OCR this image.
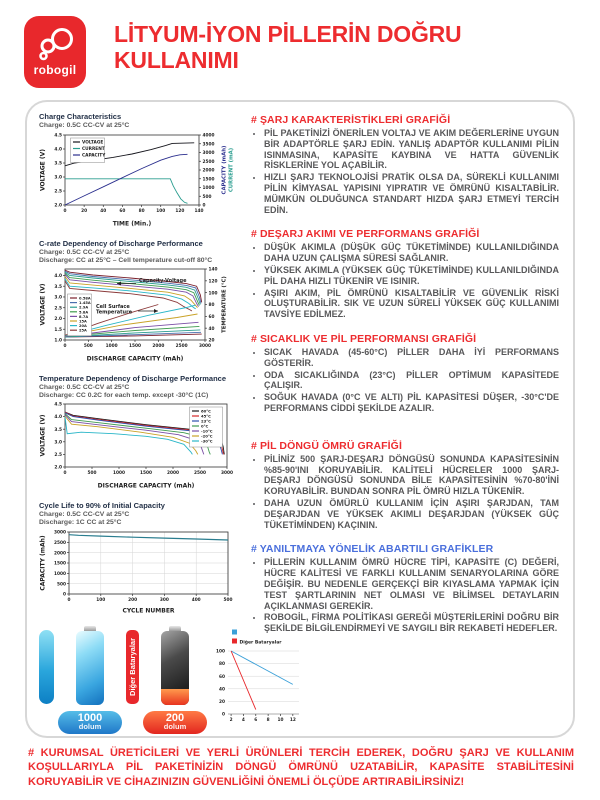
robogil
LİTYUM-İYON PİLLERİN DOĞRU KULLANIMI
Charge Characteristics

Charge: 0.5C CC-CV at 25°C

0	20	40	60	80	100 120 140
2.0
2.5
3.0
3.5
4.0
4.5
0
500
1000
1500
2000
2500
3000
3500
4000
TIME (Min.)
VOLTAGE (V)	CAPACITY (mAh) CURRENT (mA)
VOLTAGE
CURRENT
CAPACITY
C-rate Dependency of Discharge Performance

Charge: 0.5C CC-CV at 25°C

Discharge: CC at 25°C – Cell temperature cut-off 80°C

0	500	1000	1500	2000	2500	3000
1.0
1.5
2.0
2.5
3.0
3.5
4.0
20
40
60
80
100
120
140
DISCHARGE CAPACITY (mAh)
VOLTAGE (V)	TEMPERATURE (°C)
0.58A
1.45A
2.9A
5.8A
8.7A
15A
20A
25A
Capacity-Voltage
Cell Surface
Temperature
Temperature Dependency of Discharge Performance

Charge: 0.5C CC-CV at 25°C

Discharge: CC 0.2C for each temp. except -30°C (1C)

0	500	1000	1500	2000	2500	3000
2.0
2.5
3.0
3.5
4.0
4.5
DISCHARGE CAPACITY (mAh)
VOLTAGE (V)
60°C
45°C
23°C
0°C
-10°C
-20°C
-30°C
Cycle Life to 90% of Initial Capacity

Charge: 0.5C CC-CV at 25°C

Discharge: 1C CC at 25°C

0	100	200	300	400	500
0
500
1000
1500
2000
2500
3000
CYCLE NUMBER
CAPACITY (mAh)
1000
dolum
Diğer Bataryalar
200
dolum
2 4 6 8 10 12
0
20
40
60
80
100
Diğer Bataryalar
# ŞARJ KARAKTERİSTİKLERİ GRAFİĞİ
• PİL PAKETİNİZİ ÖNERİLEN VOLTAJ VE AKIM DEĞERLERİNE UYGUN BİR ADAPTÖRLE ŞARJ EDİN. YANLIŞ ADAPTÖR KULLANIMI PİLİN ISINMASINA, KAPASİTE KAYBINA VE HATTA GÜVENLİK RİSKLERİNE YOL AÇABİLİR.
• HIZLI ŞARJ TEKNOLOJİSİ PRATİK OLSA DA, SÜREKLİ KULLANIMI PİLİN KİMYASAL YAPISINI YIPRATIR VE ÖMRÜNÜ KISALTABİLİR. MÜMKÜN OLDUĞUNCA STANDART HIZDA ŞARJ ETMEYİ TERCİH EDİN.
# DEŞARJ AKIMI VE PERFORMANS GRAFİĞİ
• DÜŞÜK AKIMLA (DÜŞÜK GÜÇ TÜKETİMİNDE) KULLANILDIĞINDA DAHA UZUN ÇALIŞMA SÜRESİ SAĞLANIR.
• YÜKSEK AKIMLA (YÜKSEK GÜÇ TÜKETİMİNDE) KULLANILDIĞINDA PİL DAHA HIZLI TÜKENİR VE ISINIR.
• AŞIRI AKIM, PİL ÖMRÜNÜ KISALTABİLİR VE GÜVENLİK RİSKİ OLUŞTURABİLİR. SIK VE UZUN SÜRELİ YÜKSEK GÜÇ KULLANIMI TAVSİYE EDİLMEZ.
# SICAKLIK VE PİL PERFORMANSI GRAFİĞİ
• SICAK HAVADA (45-60°C) PİLLER DAHA İYİ PERFORMANS GÖSTERİR.
• ODA SICAKLIĞINDA (23°C) PİLLER OPTİMUM KAPASİTEDE ÇALIŞIR.
• SOĞUK HAVADA (0°C VE ALTI) PİL KAPASİTESİ DÜŞER, -30°C'DE PERFORMANS CİDDİ ŞEKİLDE AZALIR.
# PİL DÖNGÜ ÖMRÜ GRAFİĞİ
• PİLİNİZ 500 ŞARJ-DEŞARJ DÖNGÜSÜ SONUNDA KAPASİTESİNİN %85-90'INI KORUYABİLİR. KALİTELİ HÜCRELER 1000 ŞARJ-DEŞARJ DÖNGÜSÜ SONUNDA BİLE KAPASİTESİNİN %70-80'İNİ KORUYABİLİR. BUNDAN SONRA PİL ÖMRÜ HIZLA TÜKENİR.
• DAHA UZUN ÖMÜRLÜ KULLANIM İÇİN AŞIRI ŞARJDAN, TAM DEŞARJDAN VE YÜKSEK AKIMLI DEŞARJDAN (YÜKSEK GÜÇ TÜKETİMİNDEN) KAÇININ.
# YANILTMAYA YÖNELİK ABARTILI GRAFİKLER
• PİLLERİN KULLANIM ÖMRÜ HÜCRE TİPİ, KAPASİTE (C) DEĞERİ, HÜCRE KALİTESİ VE FARKLI KULLANIM SENARYOLARINA GÖRE DEĞİŞİR. BU NEDENLE GERÇEKÇİ BİR KIYASLAMA YAPMAK İÇİN TEST ŞARTLARININ NET OLMASI VE BİLİMSEL DETAYLARIN AÇIKLANMASI GEREKİR.
• ROBOGİL, FİRMA POLİTİKASI GEREĞİ MÜŞTERİLERİNİ DOĞRU BİR ŞEKİLDE BİLGİLENDİRMEYİ VE SAYGILI BİR REKABETİ HEDEFLER.

# KURUMSAL ÜRETİCİLERİ VE YERLİ ÜRÜNLERİ TERCİH EDEREK, DOĞRU ŞARJ VE KULLANIM KOŞULLARIYLA PİL PAKETİNİZİN DÖNGÜ ÖMRÜNÜ UZATABİLİR, KAPASİTE STABİLİTESİNİ KORUYABİLİR VE CİHAZINIZIN GÜVENLİĞİNİ ÖNEMLİ ÖLÇÜDE ARTIRABİLİRSİNİZ!
